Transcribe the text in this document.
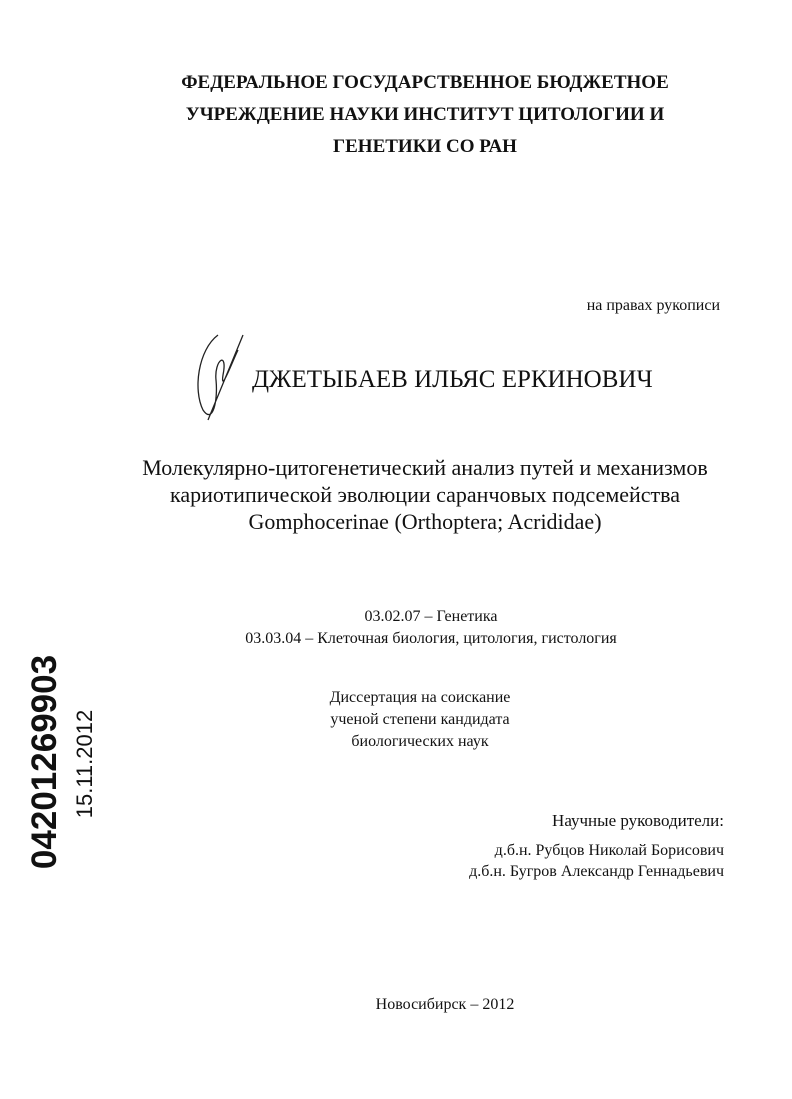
ФЕДЕРАЛЬНОЕ ГОСУДАРСТВЕННОЕ БЮДЖЕТНОЕ
УЧРЕЖДЕНИЕ НАУКИ ИНСТИТУТ ЦИТОЛОГИИ И
ГЕНЕТИКИ СО РАН
на правах рукописи
ДЖЕТЫБАЕВ ИЛЬЯС ЕРКИНОВИЧ
Молекулярно-цитогенетический анализ путей и механизмов
кариотипической эволюции саранчовых подсемейства
Gomphocerinae (Orthoptera; Acrididae)
03.02.07 – Генетика
03.03.04 – Клеточная биология, цитология, гистология
Диссертация на соискание
ученой степени кандидата
биологических наук
Научные руководители:
д.б.н. Рубцов Николай Борисович
д.б.н. Бугров Александр Геннадьевич
Новосибирск – 2012
04201269903 15.11.2012
